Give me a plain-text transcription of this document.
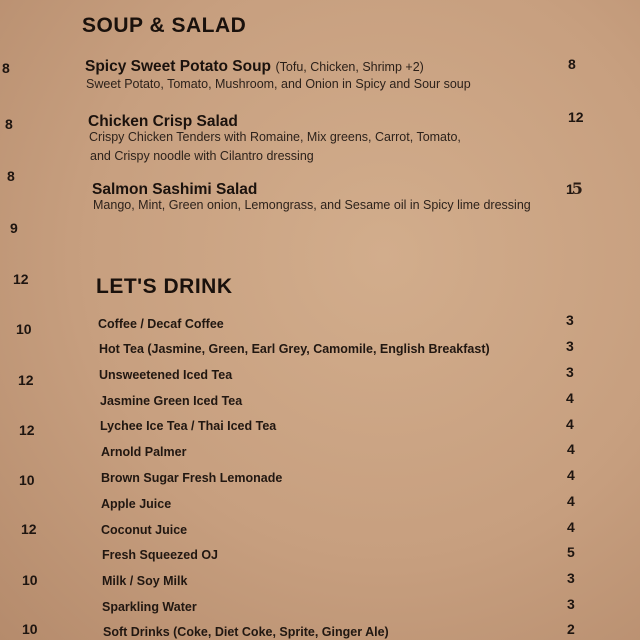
8
8
8
9
12
10
12
12
10
12
10
10
SOUP & SALAD
Spicy Sweet Potato Soup (Tofu, Chicken, Shrimp +2)
Sweet Potato, Tomato, Mushroom, and Onion in Spicy and Sour soup
8
Chicken Crisp Salad
Crispy Chicken Tenders with Romaine, Mix greens, Carrot, Tomato,
and Crispy noodle with Cilantro dressing
12
Salmon Sashimi Salad
Mango, Mint, Green onion, Lemongrass, and Sesame oil in Spicy lime dressing
15
LET'S DRINK
Coffee / Decaf Coffee	3
Hot Tea (Jasmine, Green, Earl Grey, Camomile, English Breakfast)	3
Unsweetened Iced Tea	3
Jasmine Green Iced Tea	4
Lychee Ice Tea / Thai Iced Tea	4
Arnold Palmer	4
Brown Sugar Fresh Lemonade	4
Apple Juice	4
Coconut Juice	4
Fresh Squeezed OJ	5
Milk / Soy Milk	3
Sparkling Water	3
Soft Drinks (Coke, Diet Coke, Sprite, Ginger Ale)	2
